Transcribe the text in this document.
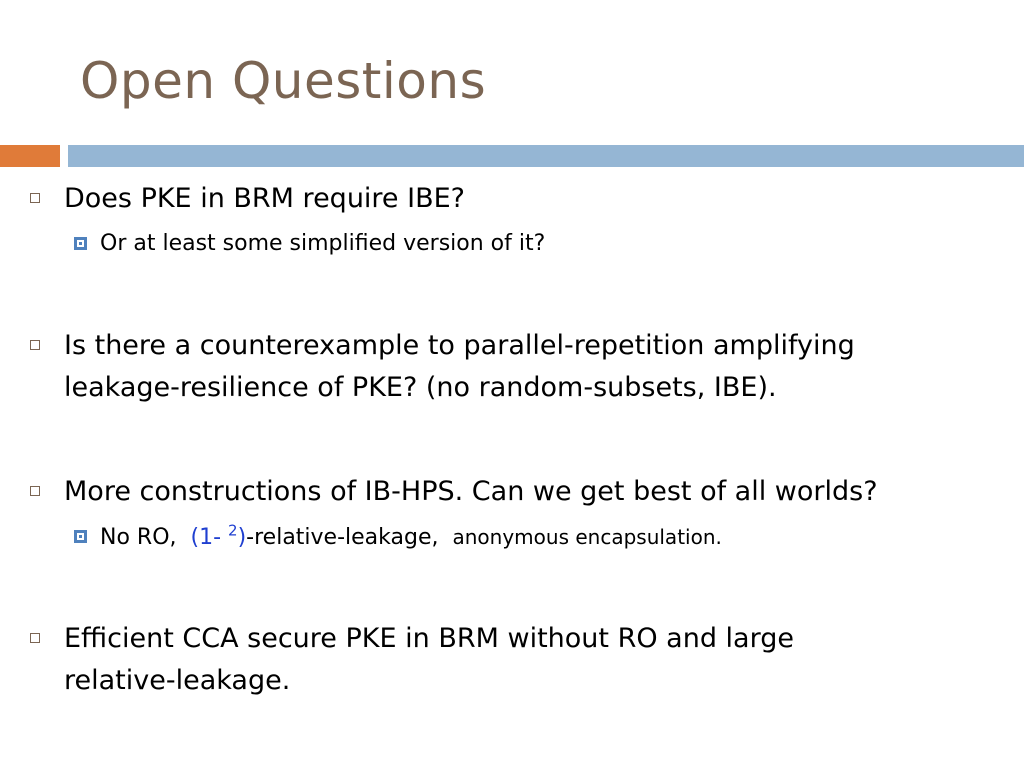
Open Questions
Does PKE in BRM require IBE?
Or at least some simplified version of it?
Is there a counterexample to parallel-repetition amplifying
leakage-resilience of PKE? (no random-subsets, IBE).
More constructions of IB-HPS. Can we get best of all worlds?
No RO, (1- $^2$)-relative-leakage, anonymous encapsulation.
Efficient CCA secure PKE in BRM without RO and large
relative-leakage.
